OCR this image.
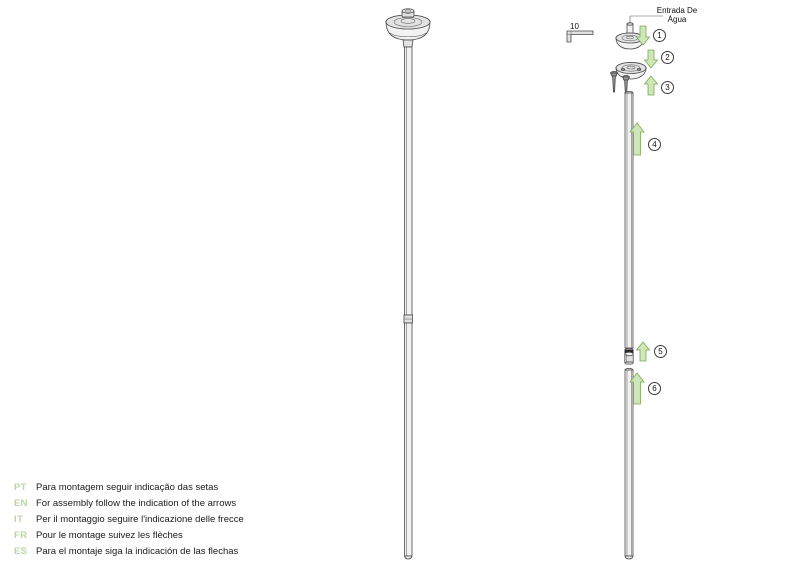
Entrada De
Água
10
1
2
3
4
5
6
PT Para montagem seguir indicação das setas
EN For assembly follow the indication of the arrows
IT	Per il montaggio seguire l'indicazione delle frecce
FR Pour le montage suivez les flèches
ES Para el montaje siga la indicación de las flechas
